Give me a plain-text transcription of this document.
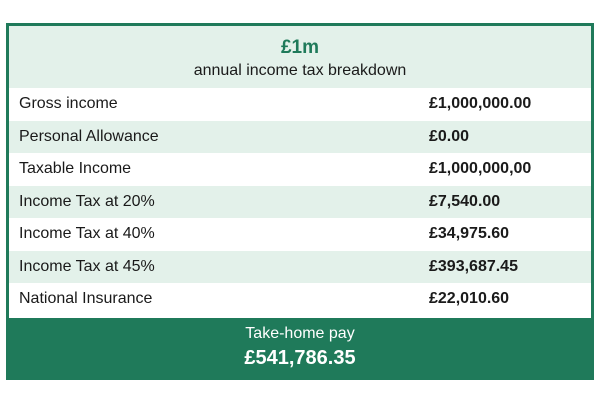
£1m
annual income tax breakdown
Gross income	£1,000,000.00
Personal Allowance	£0.00
Taxable Income	£1,000,000,00
Income Tax at 20%	£7,540.00
Income Tax at 40%	£34,975.60
Income Tax at 45%	£393,687.45
National Insurance	£22,010.60
Take-home pay
£541,786.35
